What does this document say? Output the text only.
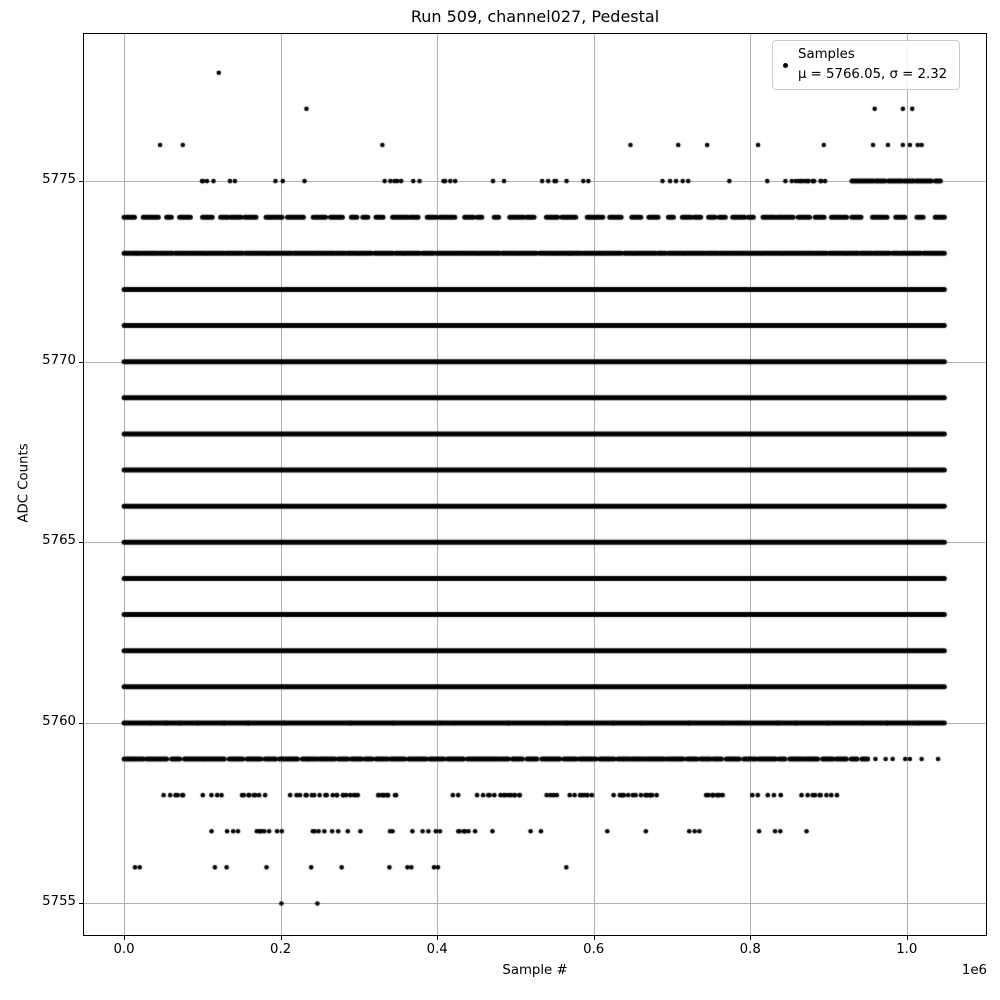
Run 509, channel027, Pedestal
ADC Counts
Samples
μ = 5766.05, σ = 2.32
Sample #	1e6
0.0	0.2	0.4	0.6	0.8	1.0
5755
5760
5765
5770
5775
